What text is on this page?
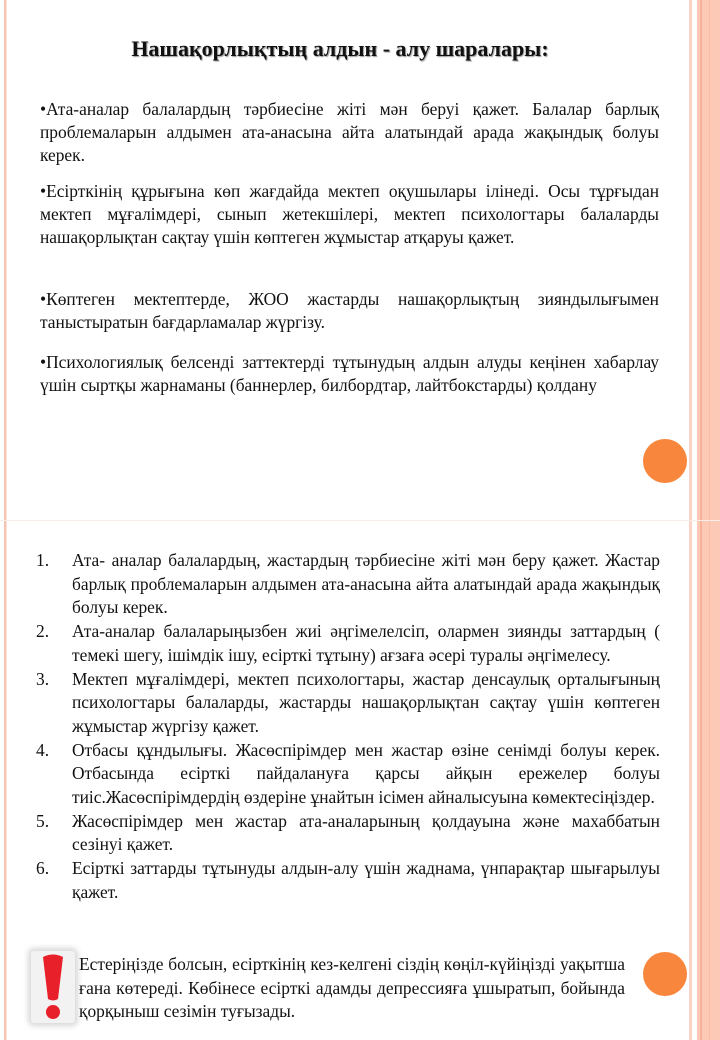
Нашақорлықтың алдын - алу шаралары:
•Ата-аналар балалардың тәрбиесіне жіті мән беруі қажет. Балалар барлық проблемаларын алдымен ата-анасына айта алатындай арада жақындық болуы керек.
•Есірткінің құрығына көп жағдайда мектеп оқушылары ілінеді. Осы тұрғыдан мектеп мұғалімдері, сынып жетекшілері, мектеп психологтары балаларды нашақорлықтан сақтау үшін көптеген жұмыстар атқаруы қажет.
•Көптеген мектептерде, ЖОО жастарды нашақорлықтың зияндылығымен таныстыратын бағдарламалар жүргізу.
•Психологиялық белсенді заттектерді тұтынудың алдын алуды кеңінен хабарлау үшін сыртқы жарнаманы (баннерлер, билбордтар, лайтбокстарды) қолдану
1. Ата- аналар балалардың, жастардың тәрбиесіне жіті мән беру қажет. Жастар барлық проблемаларын алдымен ата-анасына айта алатындай арада жақындық болуы керек.
2. Ата-аналар балаларыңызбен жиі әңгімелелсіп, олармен зиянды заттардың ( темекі шегу, ішімдік ішу, есірткі тұтыну) ағзаға әсері туралы әңгімелесу.
3. Мектеп мұғалімдері, мектеп психологтары, жастар денсаулық орталығының психологтары балаларды, жастарды нашақорлықтан сақтау үшін көптеген жұмыстар жүргізу қажет.
4. Отбасы құндылығы. Жасөспірімдер мен жастар өзіне сенімді болуы керек. Отбасында есірткі пайдалануға қарсы айқын ережелер болуы тиіс.Жасөспірімдердің өздеріне ұнайтын ісімен айналысуына көмектесіңіздер.
5. Жасөспірімдер мен жастар ата-аналарының қолдауына және махаббатын сезінуі қажет.
6. Есірткі заттарды тұтынуды алдын-алу үшін жаднама, үнпарақтар шығарылуы қажет.
Естеріңізде болсын, есірткінің кез-келгені сіздің көңіл-күйіңізді уақытша ғана көтереді. Көбінесе есірткі адамды депрессияға ұшыратып, бойында қорқыныш сезімін туғызады.
